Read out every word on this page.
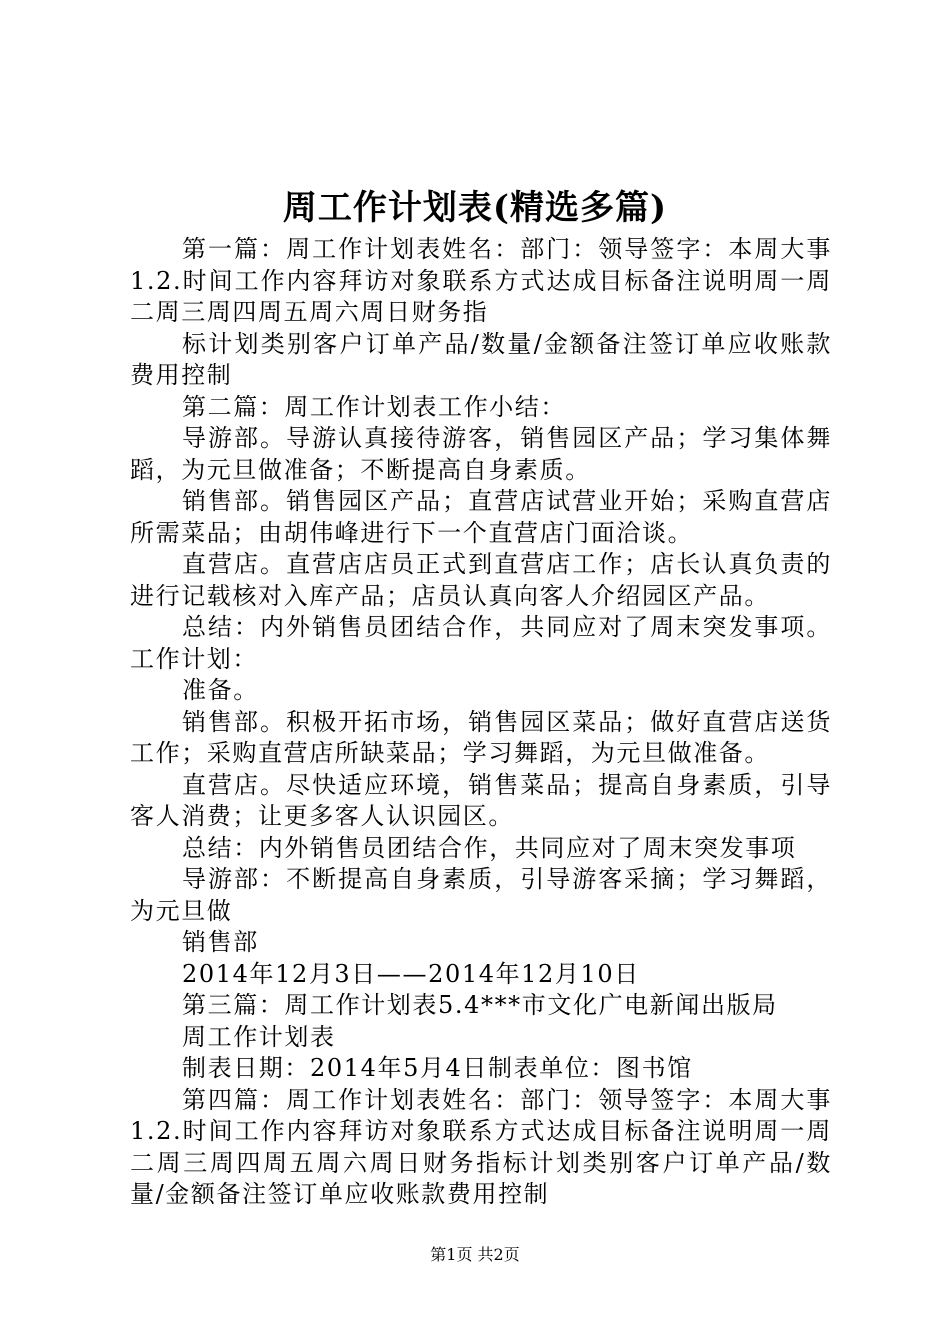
周工作计划表(精选多篇)

第一篇：周工作计划表姓名：部门：领导签字：本周大事1.2.时间工作内容拜访对象联系方式达成目标备注说明周一周二周三周四周五周六周日财务指

标计划类别客户订单产品/数量/金额备注签订单应收账款费用控制

第二篇：周工作计划表工作小结：

导游部。导游认真接待游客，销售园区产品；学习集体舞蹈，为元旦做准备；不断提高自身素质。

销售部。销售园区产品；直营店试营业开始；采购直营店所需菜品；由胡伟峰进行下一个直营店门面洽谈。

直营店。直营店店员正式到直营店工作；店长认真负责的进行记载核对入库产品；店员认真向客人介绍园区产品。

总结：内外销售员团结合作，共同应对了周末突发事项。工作计划：

准备。

销售部。积极开拓市场，销售园区菜品；做好直营店送货工作；采购直营店所缺菜品；学习舞蹈，为元旦做准备。

直营店。尽快适应环境，销售菜品；提高自身素质，引导客人消费；让更多客人认识园区。

总结：内外销售员团结合作，共同应对了周末突发事项

导游部：不断提高自身素质，引导游客采摘；学习舞蹈，为元旦做

销售部

2014年12月3日——2014年12月10日

第三篇：周工作计划表5.4***市文化广电新闻出版局

周工作计划表

制表日期：2014年5月4日制表单位：图书馆

第四篇：周工作计划表姓名：部门：领导签字：本周大事1.2.时间工作内容拜访对象联系方式达成目标备注说明周一周二周三周四周五周六周日财务指标计划类别客户订单产品/数量/金额备注签订单应收账款费用控制

第1页 共2页
